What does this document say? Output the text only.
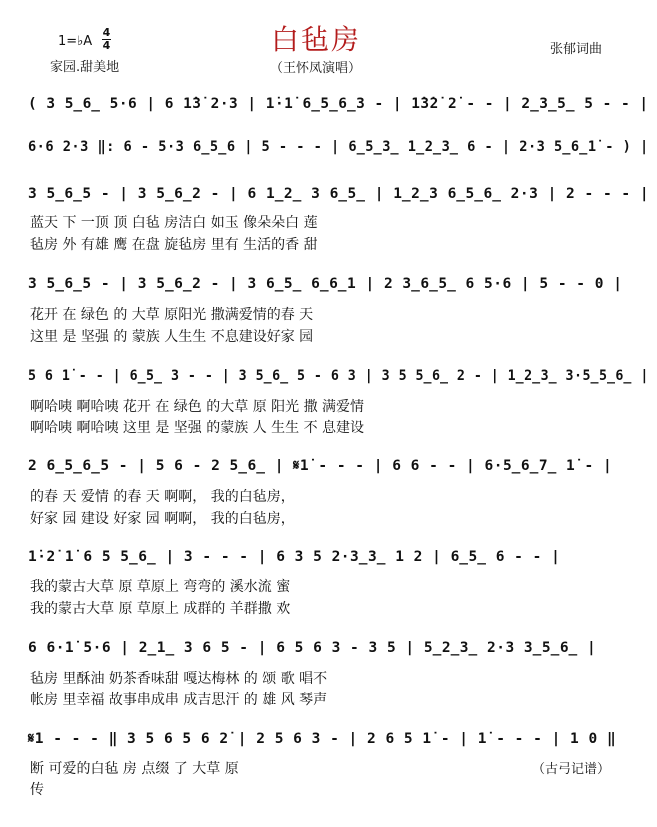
白毡房
1=♭A
4
4
家园.甜美地	（王怀凤演唱）
张郁词曲
( 3 5̲6̲ 5·6 | 6 1̇3̇ 2·3 | 1̇·1̇ 6̲5̲6̲3 - | 1̇3̇2̇ 2̇ - - | 2̲3̲5̲ 5 - - |
6·6 2·3 ‖: 6 - 5·3 6̲5̲6 | 5 - - - | 6̲5̲3̲ 1̲2̲3̲ 6 - | 2·3 5̲6̲1̇ - ) |
3 5̲6̲5 - | 3 5̲6̲2 - | 6 1̲2̲ 3 6̲5̲ | 1̲2̲3 6̲5̲6̲ 2·3 | 2 - - - |
蓝天 下 一顶 顶 白毡 房洁白 如玉 像朵朵白 莲
毡房 外 有雄 鹰 在盘 旋毡房 里有 生活的香 甜
3 5̲6̲5 - | 3 5̲6̲2 - | 3 6̲5̲ 6̲6̲1 | 2 3̲6̲5̲ 6 5·6 | 5 - - 0 |
花开 在 绿色 的 大草 原阳光 撒满爱情的春 天
这里 是 坚强 的 蒙族 人生生 不息建设好家 园
5 6 1̇ - - | 6̲5̲ 3 - - | 3 5̲6̲ 5 - 6 3 | 3 5 5̲6̲ 2 - | 1̲2̲3̲ 3·5̲5̲6̲ |
啊哈咦 啊哈咦 花开 在 绿色 的大草 原 阳光 撒 满爱情
啊哈咦 啊哈咦 这里 是 坚强 的蒙族 人 生生 不 息建设
2 6̲5̲6̲5 - | 5 6 - 2 5̲6̲ | 𝄋1̇ - - - | 6 6 - - | 6·5̲6̲7̲ 1̇ - |
的春 天 爱情 的春 天 啊啊， 我的白毡房，
好家 园 建设 好家 园 啊啊， 我的白毡房，
1̇·2̇ 1̇ 6 5 5̲6̲ | 3 - - - | 6 3 5 2·3̲3̲ 1 2 | 6̲5̲ 6 - - |
我的蒙古大草 原 草原上 弯弯的 溪水流 蜜
我的蒙古大草 原 草原上 成群的 羊群撒 欢
6 6·1̇ 5·6 | 2̲1̲ 3 6 5 - | 6 5 6 3 - 3 5 | 5̲2̲3̲ 2·3 3̲5̲6̲ |
毡房 里酥油 奶茶香味甜 嘎达梅林 的 颂 歌 唱不
帐房 里幸福 故事串成串 成吉思汗 的 雄 风 琴声
𝄋1 - - - ‖ 3 5 6 5 6 2̇ | 2 5 6 3 - | 2 6 5 1̇ - | 1̇ - - - | 1 0 ‖
断 可爱的白毡 房 点缀 了 大草 原
传
（古弓记谱）
